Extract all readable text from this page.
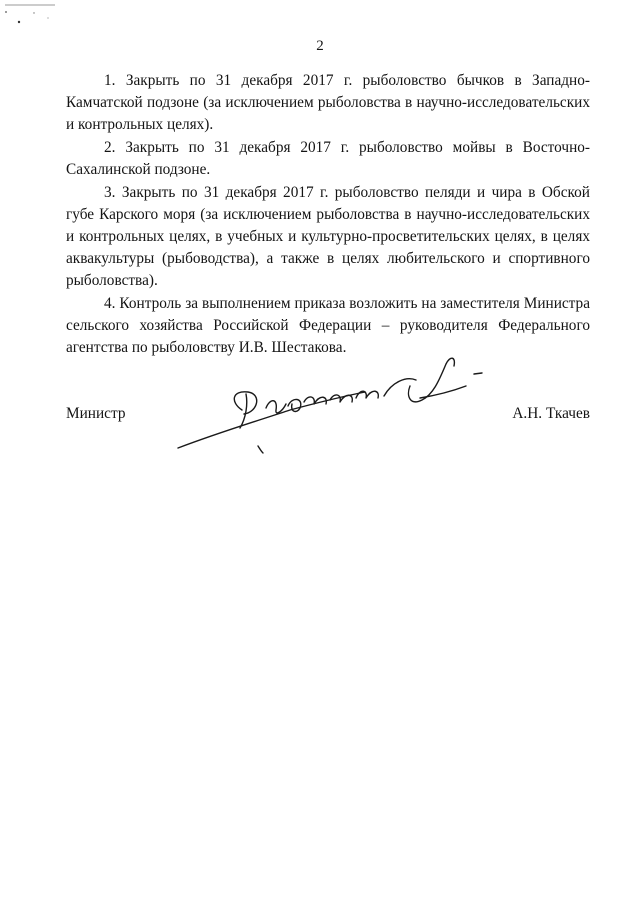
2

1. Закрыть по 31 декабря 2017 г. рыболовство бычков в Западно-Камчатской подзоне (за исключением рыболовства в научно-исследовательских и контрольных целях).

2. Закрыть по 31 декабря 2017 г. рыболовство мойвы в Восточно-Сахалинской подзоне.

3. Закрыть по 31 декабря 2017 г. рыболовство пеляди и чира в Обской губе Карского моря (за исключением рыболовства в научно-исследовательских и контрольных целях, в учебных и культурно-просветительских целях, в целях аквакультуры (рыбоводства), а также в целях любительского и спортивного рыболовства).

4. Контроль за выполнением приказа возложить на заместителя Министра сельского хозяйства Российской Федерации – руководителя Федерального агентства по рыболовству И.В. Шестакова.

Министр	А.Н. Ткачев
